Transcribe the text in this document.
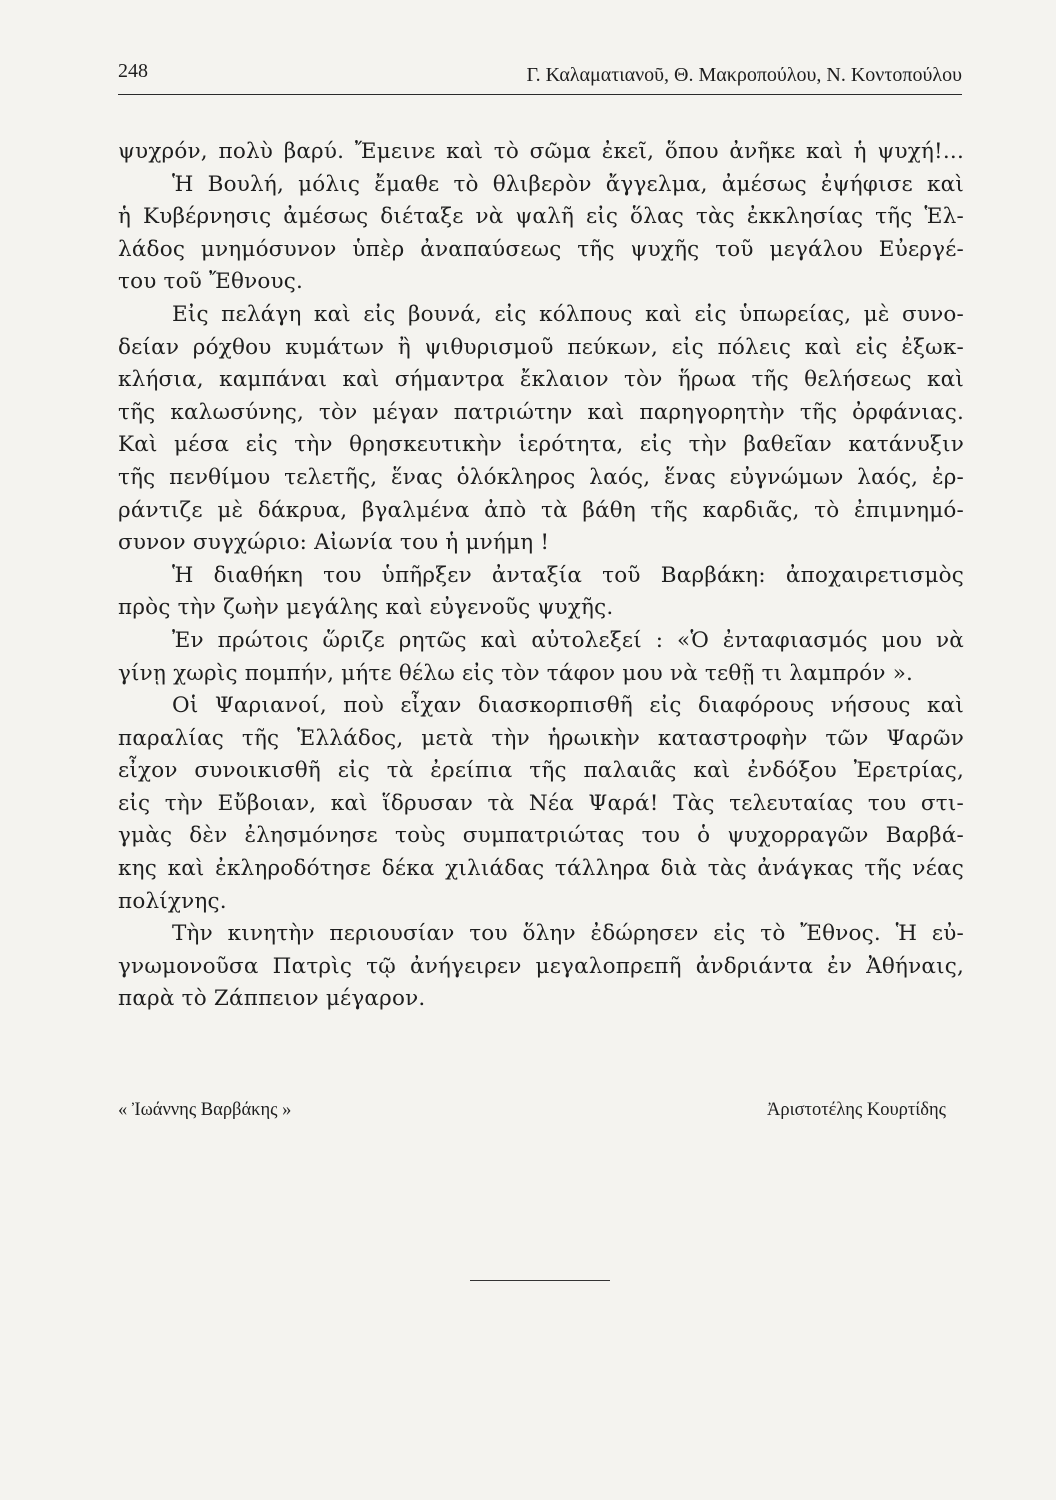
248	Γ. Καλαματιανοῦ, Θ. Μακροπούλου, Ν. Κοντοπούλου
ψυχρόν, πολὺ βαρύ. Ἔμεινε καὶ τὸ σῶμα ἐκεῖ, ὅπου ἀνῆκε καὶ ἡ ψυχή!...
Ἡ Βουλή, μόλις ἔμαθε τὸ θλιβερὸν ἄγγελμα, ἀμέσως ἐψήφισε καὶ
ἡ Κυβέρνησις ἀμέσως διέταξε νὰ ψαλῆ εἰς ὅλας τὰς ἐκκλησίας τῆς Ἑλ-
λάδος μνημόσυνον ὑπὲρ ἀναπαύσεως τῆς ψυχῆς τοῦ μεγάλου Εὐεργέ-
του τοῦ Ἔθνους.
Εἰς πελάγη καὶ εἰς βουνά, εἰς κόλπους καὶ εἰς ὑπωρείας, μὲ συνο-
δείαν ρόχθου κυμάτων ἢ ψιθυρισμοῦ πεύκων, εἰς πόλεις καὶ εἰς ἐξωκ-
κλήσια, καμπάναι καὶ σήμαντρα ἔκλαιον τὸν ἥρωα τῆς θελήσεως καὶ
τῆς καλωσύνης, τὸν μέγαν πατριώτην καὶ παρηγορητὴν τῆς ὀρφάνιας.
Καὶ μέσα εἰς τὴν θρησκευτικὴν ἱερότητα, εἰς τὴν βαθεῖαν κατάνυξιν
τῆς πενθίμου τελετῆς, ἕνας ὁλόκληρος λαός, ἕνας εὐγνώμων λαός, ἐρ-
ράντιζε μὲ δάκρυα, βγαλμένα ἀπὸ τὰ βάθη τῆς καρδιᾶς, τὸ ἐπιμνημό-
συνον συγχώριο: Αἰωνία του ἡ μνήμη !
Ἡ διαθήκη του ὑπῆρξεν ἀνταξία τοῦ Βαρβάκη: ἀποχαιρετισμὸς
πρὸς τὴν ζωὴν μεγάλης καὶ εὐγενοῦς ψυχῆς.
Ἐν πρώτοις ὥριζε ρητῶς καὶ αὐτολεξεί : «Ὁ ἐνταφιασμός μου νὰ
γίνῃ χωρὶς πομπήν, μήτε θέλω εἰς τὸν τάφον μου νὰ τεθῇ τι λαμπρόν ».
Οἱ Ψαριανοί, ποὺ εἶχαν διασκορπισθῆ εἰς διαφόρους νήσους καὶ
παραλίας τῆς Ἑλλάδος, μετὰ τὴν ἡρωικὴν καταστροφὴν τῶν Ψαρῶν
εἶχον συνοικισθῆ εἰς τὰ ἐρείπια τῆς παλαιᾶς καὶ ἐνδόξου Ἐρετρίας,
εἰς τὴν Εὔβοιαν, καὶ ἵδρυσαν τὰ Νέα Ψαρά! Τὰς τελευταίας του στι-
γμὰς δὲν ἐλησμόνησε τοὺς συμπατριώτας του ὁ ψυχορραγῶν Βαρβά-
κης καὶ ἐκληροδότησε δέκα χιλιάδας τάλληρα διὰ τὰς ἀνάγκας τῆς νέας
πολίχνης.
Τὴν κινητὴν περιουσίαν του ὅλην ἐδώρησεν εἰς τὸ Ἔθνος. Ἡ εὐ-
γνωμονοῦσα Πατρὶς τῷ ἀνήγειρεν μεγαλοπρεπῆ ἀνδριάντα ἐν Ἀθήναις,
παρὰ τὸ Ζάππειον μέγαρον.
« Ἰωάννης Βαρβάκης »	Ἀριστοτέλης Κουρτίδης
